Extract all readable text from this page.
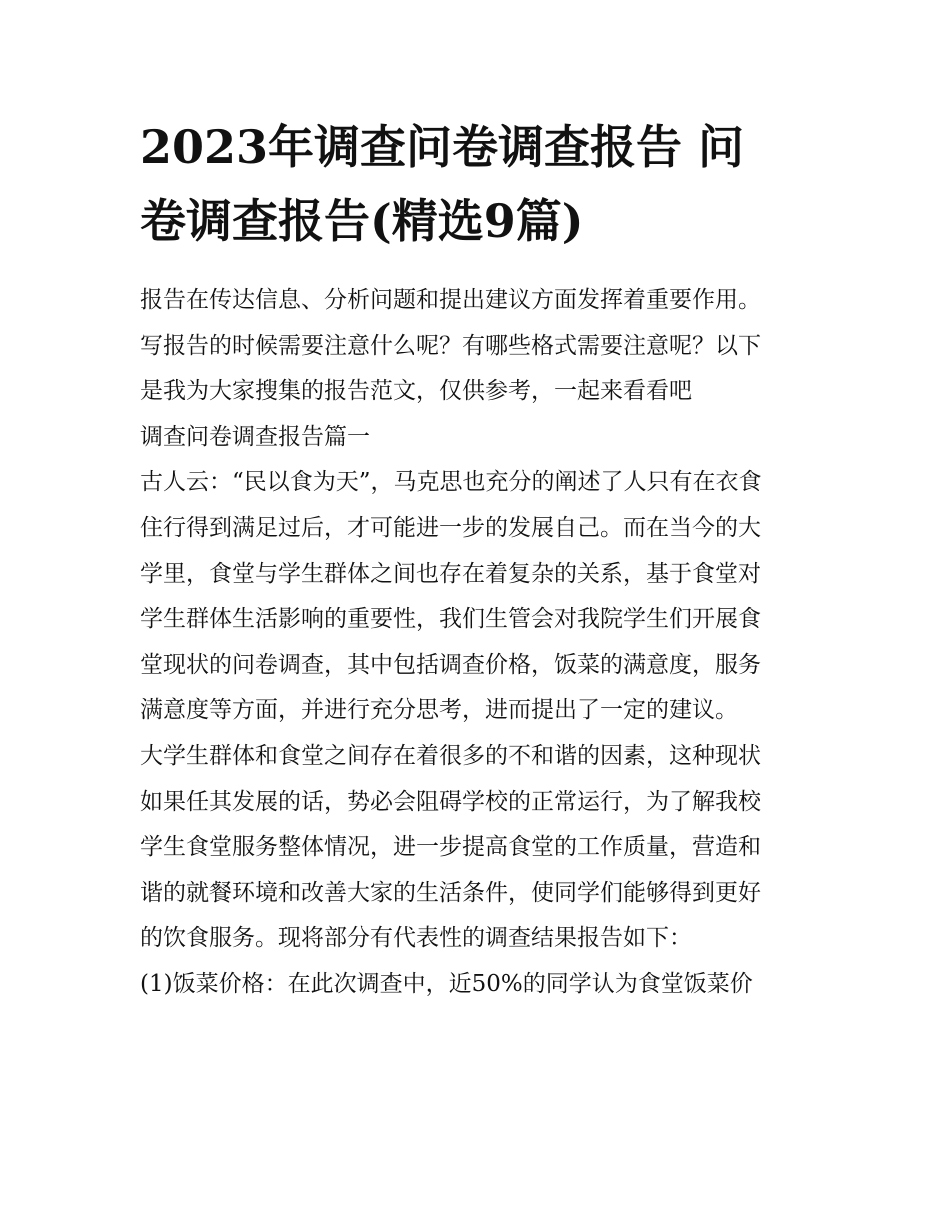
2023年调查问卷调查报告 问
卷调查报告(精选9篇)
报告在传达信息、分析问题和提出建议方面发挥着重要作用。
写报告的时候需要注意什么呢？有哪些格式需要注意呢？以下
是我为大家搜集的报告范文，仅供参考，一起来看看吧
调查问卷调查报告篇一
古人云：“民以食为天”，马克思也充分的阐述了人只有在衣食
住行得到满足过后，才可能进一步的发展自己。而在当今的大
学里，食堂与学生群体之间也存在着复杂的关系，基于食堂对
学生群体生活影响的重要性，我们生管会对我院学生们开展食
堂现状的问卷调查，其中包括调查价格，饭菜的满意度，服务
满意度等方面，并进行充分思考，进而提出了一定的建议。
大学生群体和食堂之间存在着很多的不和谐的因素，这种现状
如果任其发展的话，势必会阻碍学校的正常运行，为了解我校
学生食堂服务整体情况，进一步提高食堂的工作质量，营造和
谐的就餐环境和改善大家的生活条件，使同学们能够得到更好
的饮食服务。现将部分有代表性的调查结果报告如下：
(1)饭菜价格：在此次调查中，近50%的同学认为食堂饭菜价
